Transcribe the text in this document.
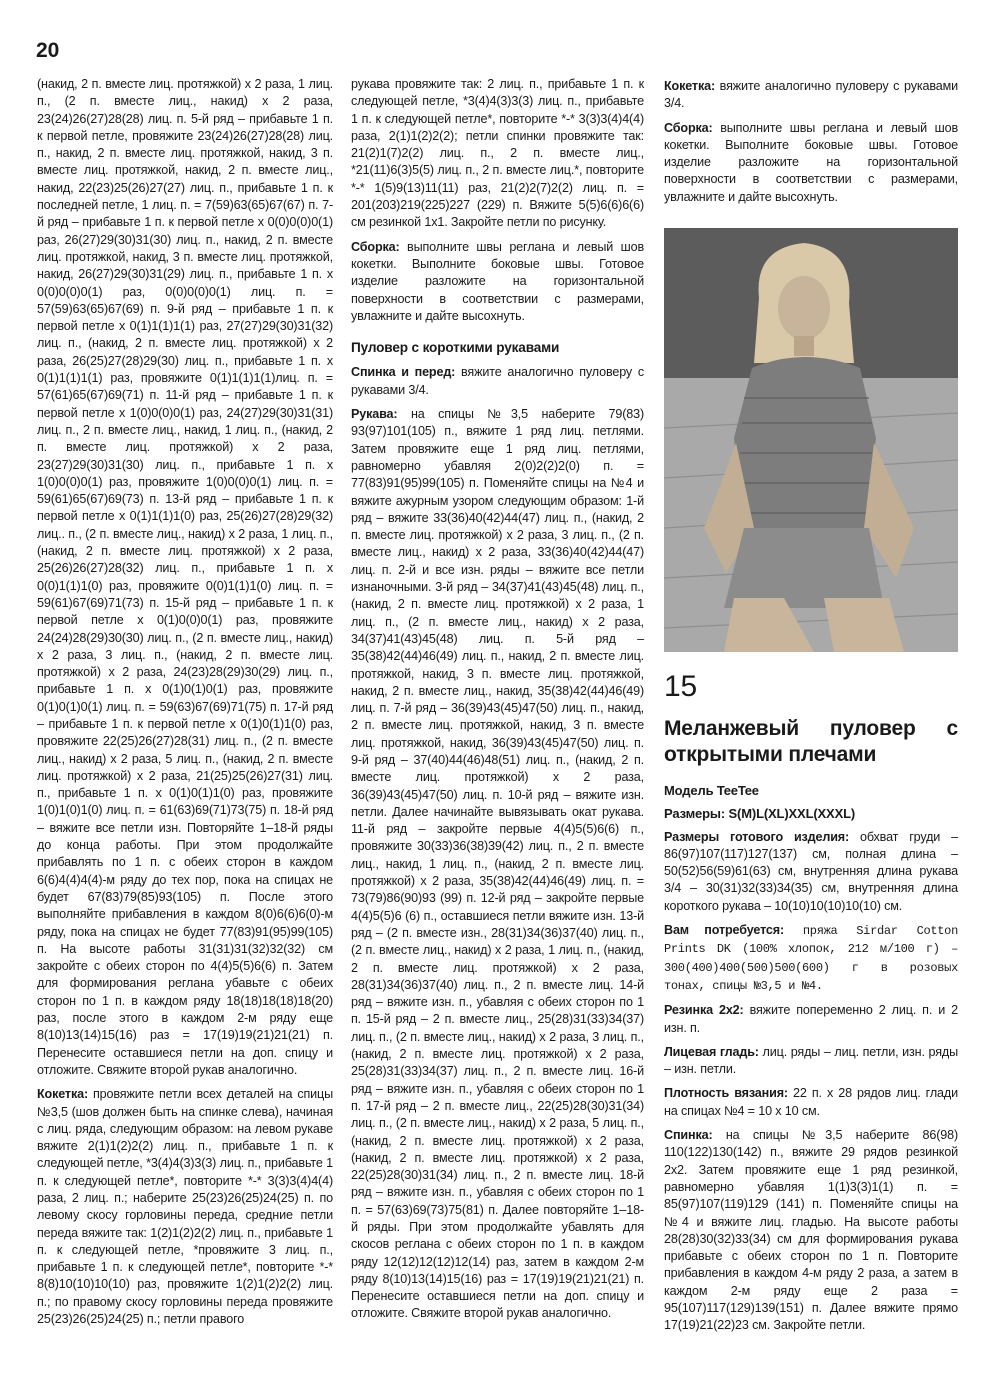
20

(накид, 2 п. вместе лиц. протяжкой) х 2 раза, 1 лиц. п., (2 п. вместе лиц., накид) х 2 раза, 23(24)26(27)28(28) лиц. п. 5-й ряд – прибавьте 1 п. к первой петле, провяжите 23(24)26(27)28(28) лиц. п., накид, 2 п. вместе лиц. протяжкой, накид, 3 п. вместе лиц. протяжкой, накид, 2 п. вместе лиц., накид, 22(23)25(26)27(27) лиц. п., прибавьте 1 п. к последней петле, 1 лиц. п. = 7(59)63(65)67(67) п. 7-й ряд – прибавьте 1 п. к первой петле х 0(0)0(0)0(1) раз, 26(27)29(30)31(30) лиц. п., накид, 2 п. вместе лиц. протяжкой, накид, 3 п. вместе лиц. протяжкой, накид, 26(27)29(30)31(29) лиц. п., прибавьте 1 п. х 0(0)0(0)0(1) раз, 0(0)0(0)0(1) лиц. п. = 57(59)63(65)67(69) п. 9-й ряд – прибавьте 1 п. к первой петле х 0(1)1(1)1(1) раз, 27(27)29(30)31(32) лиц. п., (накид, 2 п. вместе лиц. протяжкой) х 2 раза, 26(25)27(28)29(30) лиц. п., прибавьте 1 п. х 0(1)1(1)1(1) раз, провяжите 0(1)1(1)1(1)лиц. п. = 57(61)65(67)69(71) п. 11-й ряд – прибавьте 1 п. к первой петле х 1(0)0(0)0(1) раз, 24(27)29(30)31(31) лиц. п., 2 п. вместе лиц., накид, 1 лиц. п., (накид, 2 п. вместе лиц. протяжкой) х 2 раза, 23(27)29(30)31(30) лиц. п., прибавьте 1 п. х 1(0)0(0)0(1) раз, провяжите 1(0)0(0)0(1) лиц. п. = 59(61)65(67)69(73) п. 13-й ряд – прибавьте 1 п. к первой петле х 0(1)1(1)1(0) раз, 25(26)27(28)29(32) лиц.. п., (2 п. вместе лиц., накид) х 2 раза, 1 лиц. п., (накид, 2 п. вместе лиц. протяжкой) х 2 раза, 25(26)26(27)28(32) лиц. п., прибавьте 1 п. х 0(0)1(1)1(0) раз, провяжите 0(0)1(1)1(0) лиц. п. = 59(61)67(69)71(73) п. 15-й ряд – прибавьте 1 п. к первой петле х 0(1)0(0)0(1) раз, провяжите 24(24)28(29)30(30) лиц. п., (2 п. вместе лиц., накид) х 2 раза, 3 лиц. п., (накид, 2 п. вместе лиц. протяжкой) х 2 раза, 24(23)28(29)30(29) лиц. п., прибавьте 1 п. х 0(1)0(1)0(1) раз, провяжите 0(1)0(1)0(1) лиц. п. = 59(63)67(69)71(75) п. 17-й ряд – прибавьте 1 п. к первой петле х 0(1)0(1)1(0) раз, провяжите 22(25)26(27)28(31) лиц. п., (2 п. вместе лиц., накид) х 2 раза, 5 лиц. п., (накид, 2 п. вместе лиц. протяжкой) х 2 раза, 21(25)25(26)27(31) лиц. п., прибавьте 1 п. х 0(1)0(1)1(0) раз, провяжите 1(0)1(0)1(0) лиц. п. = 61(63)69(71)73(75) п. 18-й ряд – вяжите все петли изн. Повторяйте 1–18-й ряды до конца работы. При этом продолжайте прибавлять по 1 п. с обеих сторон в каждом 6(6)4(4)4(4)-м ряду до тех пор, пока на спицах не будет 67(83)79(85)93(105) п. После этого выполняйте прибавления в каждом 8(0)6(6)6(0)-м ряду, пока на спицах не будет 77(83)91(95)99(105) п. На высоте работы 31(31)31(32)32(32) см закройте с обеих сторон по 4(4)5(5)6(6) п. Затем для формирования реглана убавьте с обеих сторон по 1 п. в каждом ряду 18(18)18(18)18(20) раз, после этого в каждом 2-м ряду еще 8(10)13(14)15(16) раз = 17(19)19(21)21(21) п. Перенесите оставшиеся петли на доп. спицу и отложите. Свяжите второй рукав аналогично.

Кокетка: провяжите петли всех деталей на спицы №3,5 (шов должен быть на спинке слева), начиная с лиц. ряда, следующим образом: на левом рукаве вяжите 2(1)1(2)2(2) лиц. п., прибавьте 1 п. к следующей петле, *3(4)4(3)3(3) лиц. п., прибавьте 1 п. к следующей петле*, повторите *-* 3(3)3(4)4(4) раза, 2 лиц. п.; наберите 25(23)26(25)24(25) п. по левому скосу горловины переда, средние петли переда вяжите так: 1(2)1(2)2(2) лиц. п., прибавьте 1 п. к следующей петле, *провяжите 3 лиц. п., прибавьте 1 п. к следующей петле*, повторите *-* 8(8)10(10)10(10) раз, провяжите 1(2)1(2)2(2) лиц. п.; по правому скосу горловины переда провяжите 25(23)26(25)24(25) п.; петли правого

рукава провяжите так: 2 лиц. п., прибавьте 1 п. к следующей петле, *3(4)4(3)3(3) лиц. п., прибавьте 1 п. к следующей петле*, повторите *-* 3(3)3(4)4(4) раза, 2(1)1(2)2(2); петли спинки провяжите так: 21(2)1(7)2(2) лиц. п., 2 п. вместе лиц., *21(11)6(3)5(5) лиц. п., 2 п. вместе лиц.*, повторите *-* 1(5)9(13)11(11) раз, 21(2)2(7)2(2) лиц. п. = 201(203)219(225)227 (229) п. Вяжите 5(5)6(6)6(6) см резинкой 1х1. Закройте петли по рисунку.

Сборка: выполните швы реглана и левый шов кокетки. Выполните боковые швы. Готовое изделие разложите на горизонтальной поверхности в соответствии с размерами, увлажните и дайте высохнуть.

Пуловер с короткими рукавами

Спинка и перед: вяжите аналогично пуловеру с рукавами 3/4.

Рукава: на спицы №3,5 наберите 79(83) 93(97)101(105) п., вяжите 1 ряд лиц. петлями. Затем провяжите еще 1 ряд лиц. петлями, равномерно убавляя 2(0)2(2)2(0) п. = 77(83)91(95)99(105) п. Поменяйте спицы на №4 и вяжите ажурным узором следующим образом: 1-й ряд – вяжите 33(36)40(42)44(47) лиц. п., (накид, 2 п. вместе лиц. протяжкой) х 2 раза, 3 лиц. п., (2 п. вместе лиц., накид) х 2 раза, 33(36)40(42)44(47) лиц. п. 2-й и все изн. ряды – вяжите все петли изнаночными. 3-й ряд – 34(37)41(43)45(48) лиц. п., (накид, 2 п. вместе лиц. протяжкой) х 2 раза, 1 лиц. п., (2 п. вместе лиц., накид) х 2 раза, 34(37)41(43)45(48) лиц. п. 5-й ряд – 35(38)42(44)46(49) лиц. п., накид, 2 п. вместе лиц. протяжкой, накид, 3 п. вместе лиц. протяжкой, накид, 2 п. вместе лиц., накид, 35(38)42(44)46(49) лиц. п. 7-й ряд – 36(39)43(45)47(50) лиц. п., накид, 2 п. вместе лиц. протяжкой, накид, 3 п. вместе лиц. протяжкой, накид, 36(39)43(45)47(50) лиц. п. 9-й ряд – 37(40)44(46)48(51) лиц. п., (накид, 2 п. вместе лиц. протяжкой) х 2 раза, 36(39)43(45)47(50) лиц. п. 10-й ряд – вяжите изн. петли. Далее начинайте вывязывать окат рукава. 11-й ряд – закройте первые 4(4)5(5)6(6) п., провяжите 30(33)36(38)39(42) лиц. п., 2 п. вместе лиц., накид, 1 лиц. п., (накид, 2 п. вместе лиц. протяжкой) х 2 раза, 35(38)42(44)46(49) лиц. п. = 73(79)86(90)93 (99) п. 12-й ряд – закройте первые 4(4)5(5)6 (6) п., оставшиеся петли вяжите изн. 13-й ряд – (2 п. вместе изн., 28(31)34(36)37(40) лиц. п., (2 п. вместе лиц., накид) х 2 раза, 1 лиц. п., (накид, 2 п. вместе лиц. протяжкой) х 2 раза, 28(31)34(36)37(40) лиц. п., 2 п. вместе лиц. 14-й ряд – вяжите изн. п., убавляя с обеих сторон по 1 п. 15-й ряд – 2 п. вместе лиц., 25(28)31(33)34(37) лиц. п., (2 п. вместе лиц., накид) х 2 раза, 3 лиц. п., (накид, 2 п. вместе лиц. протяжкой) х 2 раза, 25(28)31(33)34(37) лиц. п., 2 п. вместе лиц. 16-й ряд – вяжите изн. п., убавляя с обеих сторон по 1 п. 17-й ряд – 2 п. вместе лиц., 22(25)28(30)31(34) лиц. п., (2 п. вместе лиц., накид) х 2 раза, 5 лиц. п., (накид, 2 п. вместе лиц. протяжкой) х 2 раза, (накид, 2 п. вместе лиц. протяжкой) х 2 раза, 22(25)28(30)31(34) лиц. п., 2 п. вместе лиц. 18-й ряд – вяжите изн. п., убавляя с обеих сторон по 1 п. = 57(63)69(73)75(81) п. Далее повторяйте 1–18-й ряды. При этом продолжайте убавлять для скосов реглана с обеих сторон по 1 п. в каждом ряду 12(12)12(12)12(14) раз, затем в каждом 2-м ряду 8(10)13(14)15(16) раз = 17(19)19(21)21(21) п. Перенесите оставшиеся петли на доп. спицу и отложите. Свяжите второй рукав аналогично.

Кокетка: вяжите аналогично пуловеру с рукавами 3/4.

Сборка: выполните швы реглана и левый шов кокетки. Выполните боковые швы. Готовое изделие разложите на горизонтальной поверхности в соответствии с размерами, увлажните и дайте высохнуть.

15
Меланжевый пуловер с открытыми плечами
Модель TeeTee
Размеры: S(M)L(XL)XXL(XXXL)

Размеры готового изделия: обхват груди – 86(97)107(117)127(137) см, полная длина – 50(52)56(59)61(63) см, внутренняя длина рукава 3/4 – 30(31)32(33)34(35) см, внутренняя длина короткого рукава – 10(10)10(10)10(10) см.

Вам потребуется: пряжа Sirdar Cotton Prints DK (100% хлопок, 212 м/100 г) – 300(400)400(500)500(600) г в розовых тонах, спицы №3,5 и №4.

Резинка 2х2: вяжите попеременно 2 лиц. п. и 2 изн. п.

Лицевая гладь: лиц. ряды – лиц. петли, изн. ряды – изн. петли.

Плотность вязания: 22 п. х 28 рядов лиц. глади на спицах №4 = 10 х 10 см.

Спинка: на спицы №3,5 наберите 86(98) 110(122)130(142) п., вяжите 29 рядов резинкой 2х2. Затем провяжите еще 1 ряд резинкой, равномерно убавляя 1(1)3(3)1(1) п. = 85(97)107(119)129 (141) п. Поменяйте спицы на №4 и вяжите лиц. гладью. На высоте работы 28(28)30(32)33(34) см для формирования рукава прибавьте с обеих сторон по 1 п. Повторите прибавления в каждом 4-м ряду 2 раза, а затем в каждом 2-м ряду еще 2 раза = 95(107)117(129)139(151) п. Далее вяжите прямо 17(19)21(22)23 см. Закройте петли.
